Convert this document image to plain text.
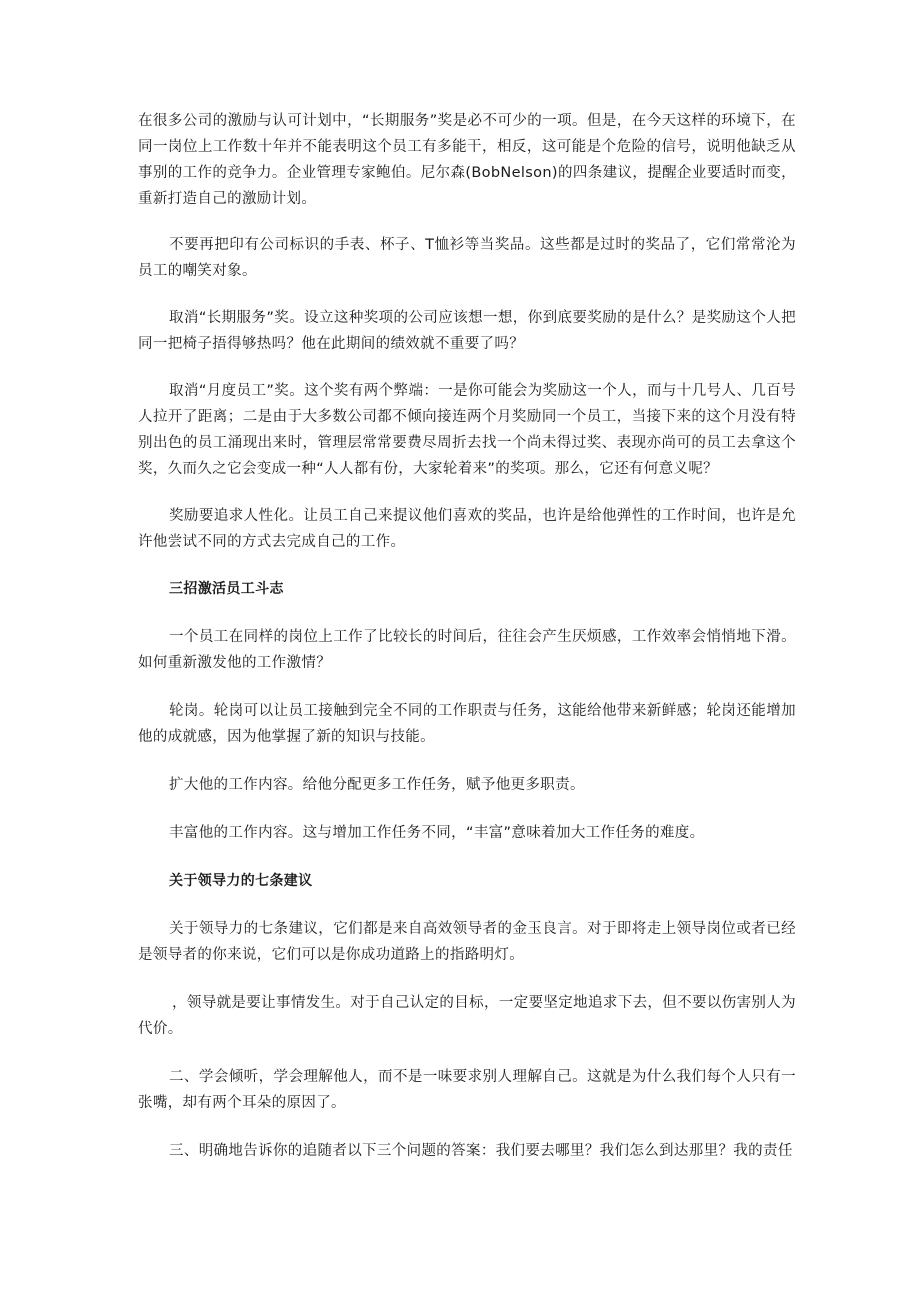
在很多公司的激励与认可计划中，“长期服务”奖是必不可少的一项。但是，在今天这样的环境下，在同一岗位上工作数十年并不能表明这个员工有多能干，相反，这可能是个危险的信号，说明他缺乏从事别的工作的竞争力。企业管理专家鲍伯。尼尔森(BobNelson)的四条建议，提醒企业要适时而变，重新打造自己的激励计划。

不要再把印有公司标识的手表、杯子、T恤衫等当奖品。这些都是过时的奖品了，它们常常沦为员工的嘲笑对象。

取消“长期服务”奖。设立这种奖项的公司应该想一想，你到底要奖励的是什么？是奖励这个人把同一把椅子捂得够热吗？他在此期间的绩效就不重要了吗？

取消“月度员工”奖。这个奖有两个弊端：一是你可能会为奖励这一个人，而与十几号人、几百号人拉开了距离；二是由于大多数公司都不倾向接连两个月奖励同一个员工，当接下来的这个月没有特别出色的员工涌现出来时，管理层常常要费尽周折去找一个尚未得过奖、表现亦尚可的员工去拿这个奖，久而久之它会变成一种“人人都有份，大家轮着来”的奖项。那么，它还有何意义呢？

奖励要追求人性化。让员工自己来提议他们喜欢的奖品，也许是给他弹性的工作时间，也许是允许他尝试不同的方式去完成自己的工作。

三招激活员工斗志

一个员工在同样的岗位上工作了比较长的时间后，往往会产生厌烦感，工作效率会悄悄地下滑。如何重新激发他的工作激情？

轮岗。轮岗可以让员工接触到完全不同的工作职责与任务，这能给他带来新鲜感；轮岗还能增加他的成就感，因为他掌握了新的知识与技能。

扩大他的工作内容。给他分配更多工作任务，赋予他更多职责。

丰富他的工作内容。这与增加工作任务不同，“丰富”意味着加大工作任务的难度。

关于领导力的七条建议

关于领导力的七条建议，它们都是来自高效领导者的金玉良言。对于即将走上领导岗位或者已经是领导者的你来说，它们可以是你成功道路上的指路明灯。

，领导就是要让事情发生。对于自己认定的目标，一定要坚定地追求下去，但不要以伤害别人为代价。

二、学会倾听，学会理解他人，而不是一味要求别人理解自己。这就是为什么我们每个人只有一张嘴，却有两个耳朵的原因了。

三、明确地告诉你的追随者以下三个问题的答案：我们要去哪里？我们怎么到达那里？我的责任
